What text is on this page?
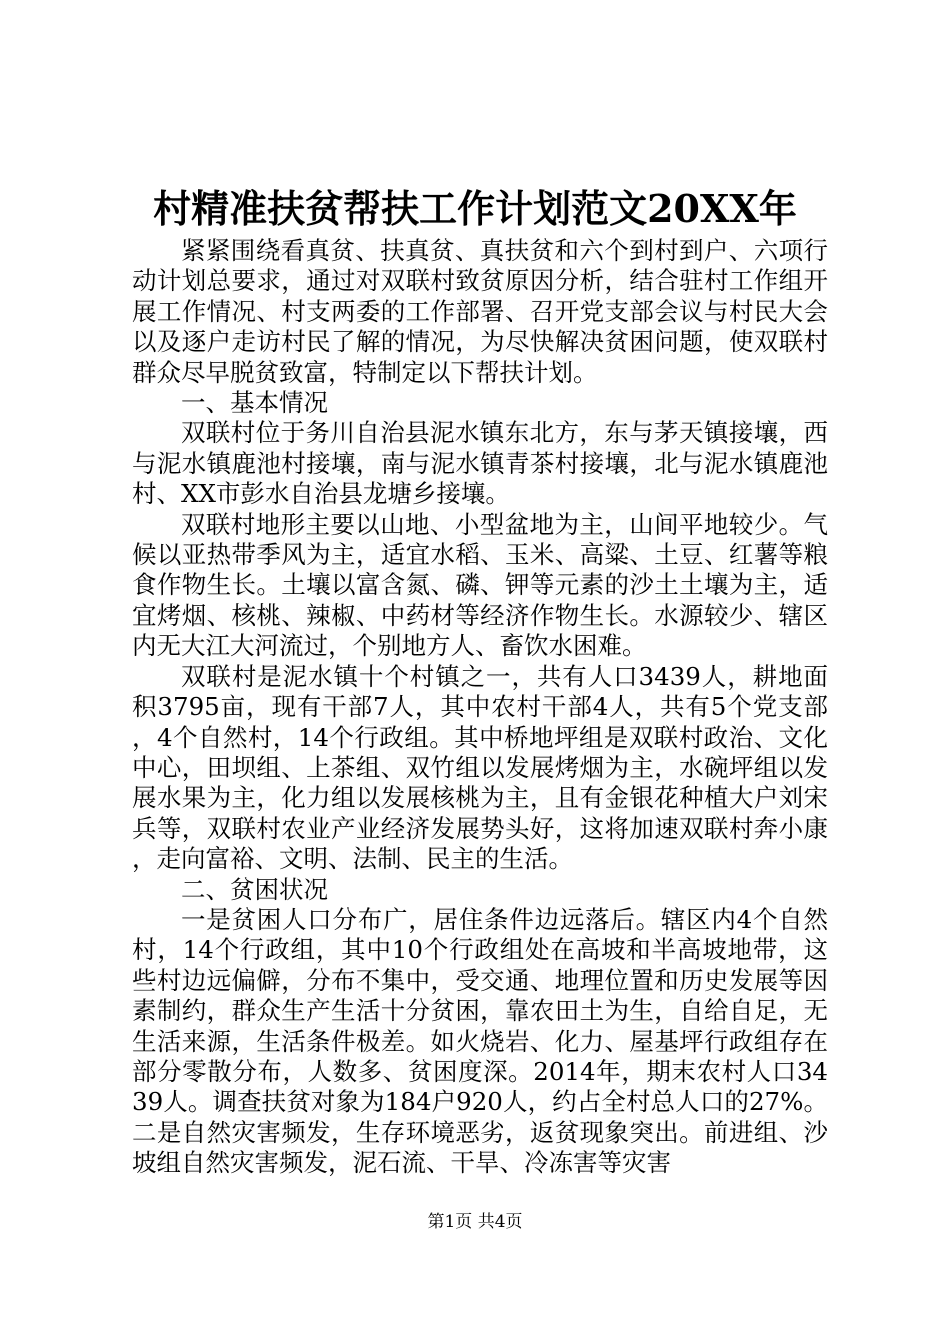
村精准扶贫帮扶工作计划范文20XX年

紧紧围绕看真贫、扶真贫、真扶贫和六个到村到户、六项行动计划总要求，通过对双联村致贫原因分析，结合驻村工作组开展工作情况、村支两委的工作部署、召开党支部会议与村民大会以及逐户走访村民了解的情况，为尽快解决贫困问题，使双联村群众尽早脱贫致富，特制定以下帮扶计划。

一、基本情况

双联村位于务川自治县泥水镇东北方，东与茅天镇接壤，西与泥水镇鹿池村接壤，南与泥水镇青茶村接壤，北与泥水镇鹿池村、XX市彭水自治县龙塘乡接壤。

双联村地形主要以山地、小型盆地为主，山间平地较少。气候以亚热带季风为主，适宜水稻、玉米、高粱、土豆、红薯等粮食作物生长。土壤以富含氮、磷、钾等元素的沙土土壤为主，适宜烤烟、核桃、辣椒、中药材等经济作物生长。水源较少、辖区内无大江大河流过，个别地方人、畜饮水困难。

双联村是泥水镇十个村镇之一，共有人口3439人，耕地面积3795亩，现有干部7人，其中农村干部4人，共有5个党支部，4个自然村，14个行政组。其中桥地坪组是双联村政治、文化中心，田坝组、上茶组、双竹组以发展烤烟为主，水碗坪组以发展水果为主，化力组以发展核桃为主，且有金银花种植大户刘宋兵等，双联村农业产业经济发展势头好，这将加速双联村奔小康，走向富裕、文明、法制、民主的生活。

二、贫困状况

一是贫困人口分布广，居住条件边远落后。辖区内4个自然村，14个行政组，其中10个行政组处在高坡和半高坡地带，这些村边远偏僻，分布不集中，受交通、地理位置和历史发展等因素制约，群众生产生活十分贫困，靠农田土为生，自给自足，无生活来源，生活条件极差。如火烧岩、化力、屋基坪行政组存在部分零散分布，人数多、贫困度深。2014年，期末农村人口3439人。调查扶贫对象为184户920人，约占全村总人口的27%。二是自然灾害频发，生存环境恶劣，返贫现象突出。前进组、沙坡组自然灾害频发，泥石流、干旱、冷冻害等灾害

第1页 共4页
